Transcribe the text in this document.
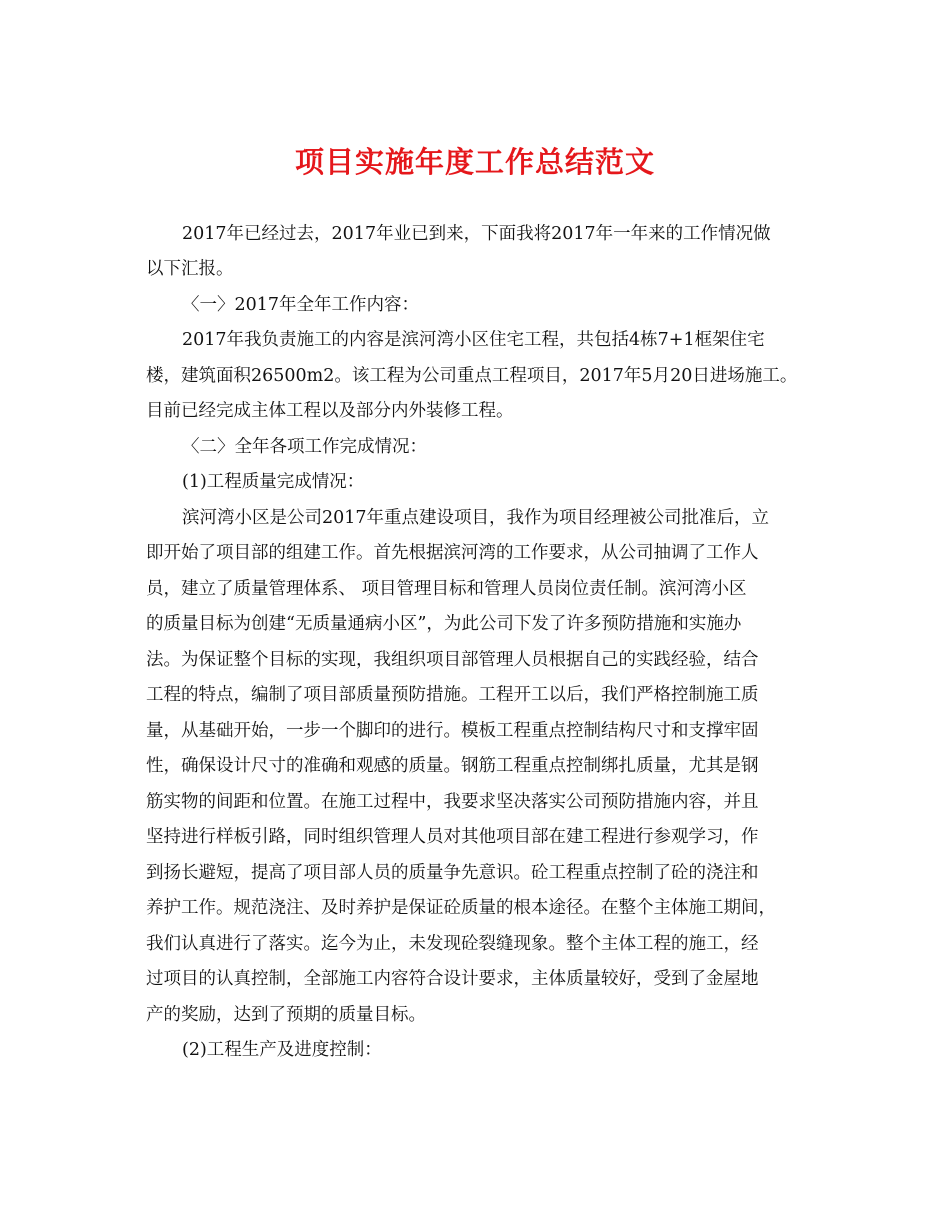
项目实施年度工作总结范文
2017年已经过去，2017年业已到来，下面我将2017年一年来的工作情况做
以下汇报。
〈一〉2017年全年工作内容：
2017年我负责施工的内容是滨河湾小区住宅工程，共包括4栋7+1框架住宅
楼，建筑面积26500m2。该工程为公司重点工程项目，2017年5月20日进场施工。
目前已经完成主体工程以及部分内外装修工程。
〈二〉全年各项工作完成情况：
(1)工程质量完成情况：
滨河湾小区是公司2017年重点建设项目，我作为项目经理被公司批准后，立
即开始了项目部的组建工作。首先根据滨河湾的工作要求，从公司抽调了工作人
员，建立了质量管理体系、 项目管理目标和管理人员岗位责任制。滨河湾小区
的质量目标为创建“无质量通病小区”，为此公司下发了许多预防措施和实施办
法。为保证整个目标的实现，我组织项目部管理人员根据自己的实践经验，结合
工程的特点，编制了项目部质量预防措施。工程开工以后，我们严格控制施工质
量，从基础开始，一步一个脚印的进行。模板工程重点控制结构尺寸和支撑牢固
性，确保设计尺寸的准确和观感的质量。钢筋工程重点控制绑扎质量，尤其是钢
筋实物的间距和位置。在施工过程中，我要求坚决落实公司预防措施内容，并且
坚持进行样板引路，同时组织管理人员对其他项目部在建工程进行参观学习，作
到扬长避短，提高了项目部人员的质量争先意识。砼工程重点控制了砼的浇注和
养护工作。规范浇注、及时养护是保证砼质量的根本途径。在整个主体施工期间，
我们认真进行了落实。迄今为止，未发现砼裂缝现象。整个主体工程的施工，经
过项目的认真控制，全部施工内容符合设计要求，主体质量较好，受到了金屋地
产的奖励，达到了预期的质量目标。
(2)工程生产及进度控制：
